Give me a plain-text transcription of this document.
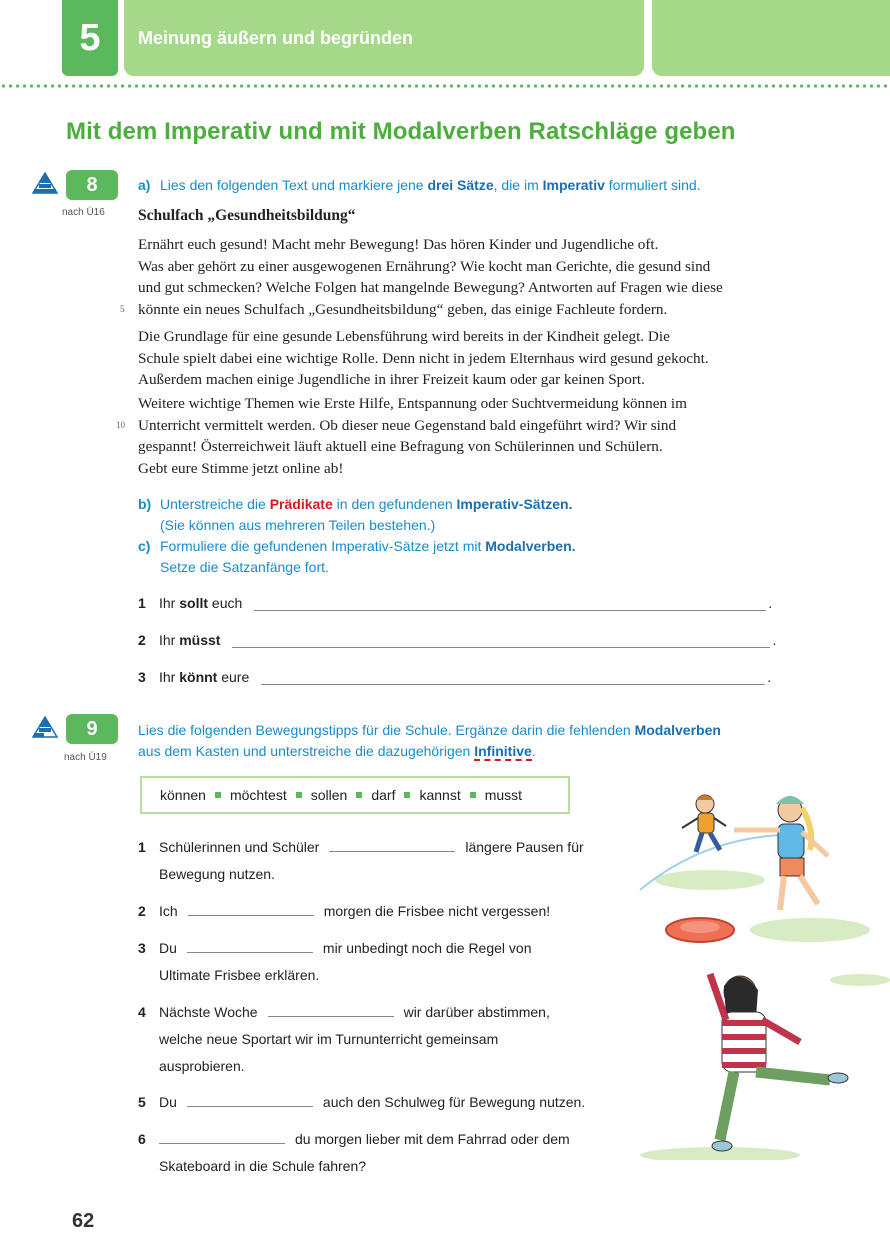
5	Meinung äußern und begründen
Mit dem Imperativ und mit Modalverben Ratschläge geben
8
nach Ü16
a) Lies den folgenden Text und markiere jene drei Sätze, die im Imperativ formuliert sind.
Schulfach „Gesundheitsbildung“
Ernährt euch gesund! Macht mehr Bewegung! Das hören Kinder und Jugendliche oft.
Was aber gehört zu einer ausgewogenen Ernährung? Wie kocht man Gerichte, die gesund sind
und gut schmecken? Welche Folgen hat mangelnde Bewegung? Antworten auf Fragen wie diese
könnte ein neues Schulfach „Gesundheitsbildung“ geben, das einige Fachleute fordern.
5
Die Grundlage für eine gesunde Lebensführung wird bereits in der Kindheit gelegt. Die
Schule spielt dabei eine wichtige Rolle. Denn nicht in jedem Elternhaus wird gesund gekocht.
Außerdem machen einige Jugendliche in ihrer Freizeit kaum oder gar keinen Sport.
Weitere wichtige Themen wie Erste Hilfe, Entspannung oder Suchtvermeidung können im
Unterricht vermittelt werden. Ob dieser neue Gegenstand bald eingeführt wird? Wir sind
gespannt! Österreichweit läuft aktuell eine Befragung von Schülerinnen und Schülern.
Gebt eure Stimme jetzt online ab!
10
b) Unterstreiche die Prädikate in den gefundenen Imperativ-Sätzen.
(Sie können aus mehreren Teilen bestehen.)
c) Formuliere die gefundenen Imperativ-Sätze jetzt mit Modalverben.
Setze die Satzanfänge fort.
1 Ihr
sollt
euch	.
2 Ihr
müsst	.
3 Ihr
könnt
eure	.
9
nach Ü19
Lies die folgenden Bewegungstipps für die Schule. Ergänze darin die fehlenden Modalverben
aus dem Kasten und unterstreiche die dazugehörigen Infinitive.
können möchtest sollen darf kannst musst
1 Schülerinnen und Schüler	längere Pausen für
Bewegung nutzen.
2 Ich	morgen die Frisbee nicht vergessen!
3 Du	mir unbedingt noch die Regel von
Ultimate Frisbee erklären.
4 Nächste Woche	wir darüber abstimmen,
welche neue Sportart wir im Turnunterricht gemeinsam
ausprobieren.
5 Du	auch den Schulweg für Bewegung nutzen.
6	du morgen lieber mit dem Fahrrad oder dem
Skateboard in die Schule fahren?
62
